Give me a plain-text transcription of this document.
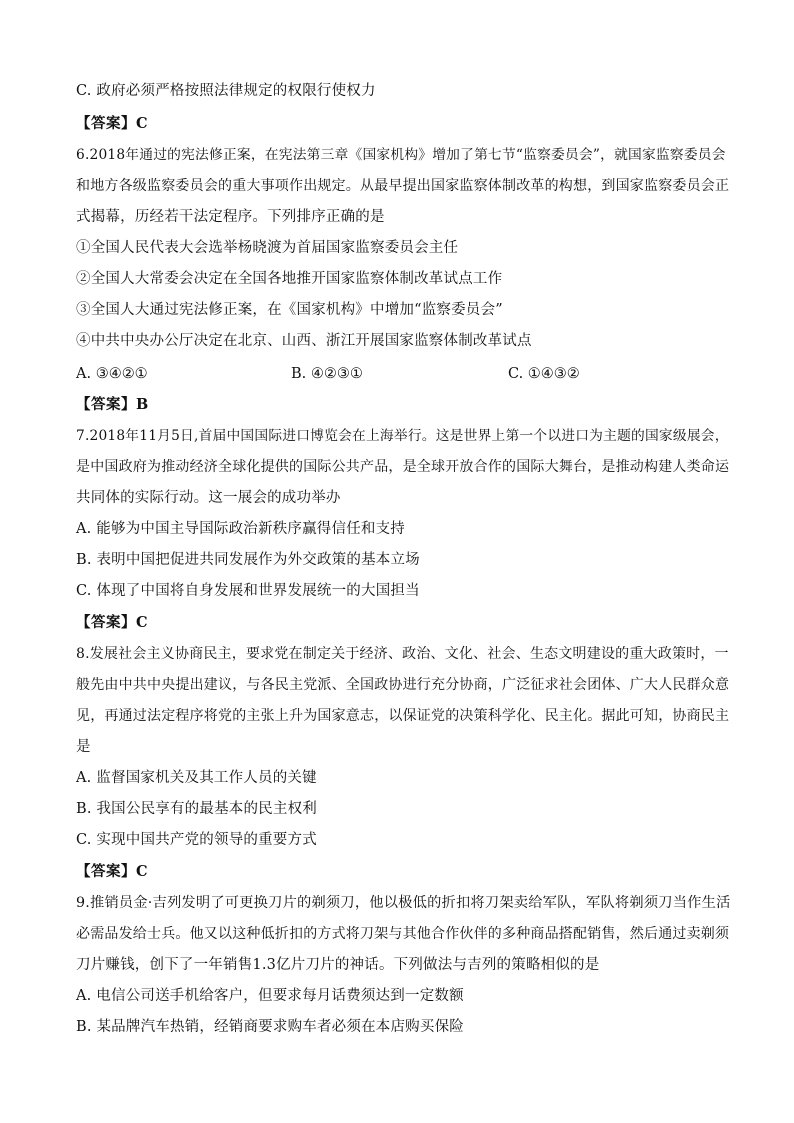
C. 政府必须严格按照法律规定的权限行使权力
【答案】C
6.2018年通过的宪法修正案，在宪法第三章《国家机构》增加了第七节“监察委员会”，就国家监察委员会
和地方各级监察委员会的重大事项作出规定。从最早提出国家监察体制改革的构想，到国家监察委员会正
式揭幕，历经若干法定程序。下列排序正确的是
①全国人民代表大会选举杨晓渡为首届国家监察委员会主任
②全国人大常委会决定在全国各地推开国家监察体制改革试点工作
③全国人大通过宪法修正案，在《国家机构》中增加“监察委员会”
④中共中央办公厅决定在北京、山西、浙江开展国家监察体制改革试点
A. ③④②①	B. ④②③①	C. ①④③②
【答案】B
7.2018年11月5日,首届中国国际进口博览会在上海举行。这是世界上第一个以进口为主题的国家级展会，
是中国政府为推动经济全球化提供的国际公共产品，是全球开放合作的国际大舞台，是推动构建人类命运
共同体的实际行动。这一展会的成功举办
A. 能够为中国主导国际政治新秩序赢得信任和支持
B. 表明中国把促进共同发展作为外交政策的基本立场
C. 体现了中国将自身发展和世界发展统一的大国担当
【答案】C
8.发展社会主义协商民主，要求党在制定关于经济、政治、文化、社会、生态文明建设的重大政策时，一
般先由中共中央提出建议，与各民主党派、全国政协进行充分协商，广泛征求社会团体、广大人民群众意
见，再通过法定程序将党的主张上升为国家意志，以保证党的决策科学化、民主化。据此可知，协商民主
是
A. 监督国家机关及其工作人员的关键
B. 我国公民享有的最基本的民主权利
C. 实现中国共产党的领导的重要方式
【答案】C
9.推销员金·吉列发明了可更换刀片的剃须刀，他以极低的折扣将刀架卖给军队，军队将剃须刀当作生活
必需品发给士兵。他又以这种低折扣的方式将刀架与其他合作伙伴的多种商品搭配销售，然后通过卖剃须
刀片赚钱，创下了一年销售1.3亿片刀片的神话。下列做法与吉列的策略相似的是
A. 电信公司送手机给客户，但要求每月话费须达到一定数额
B. 某品牌汽车热销，经销商要求购车者必须在本店购买保险
